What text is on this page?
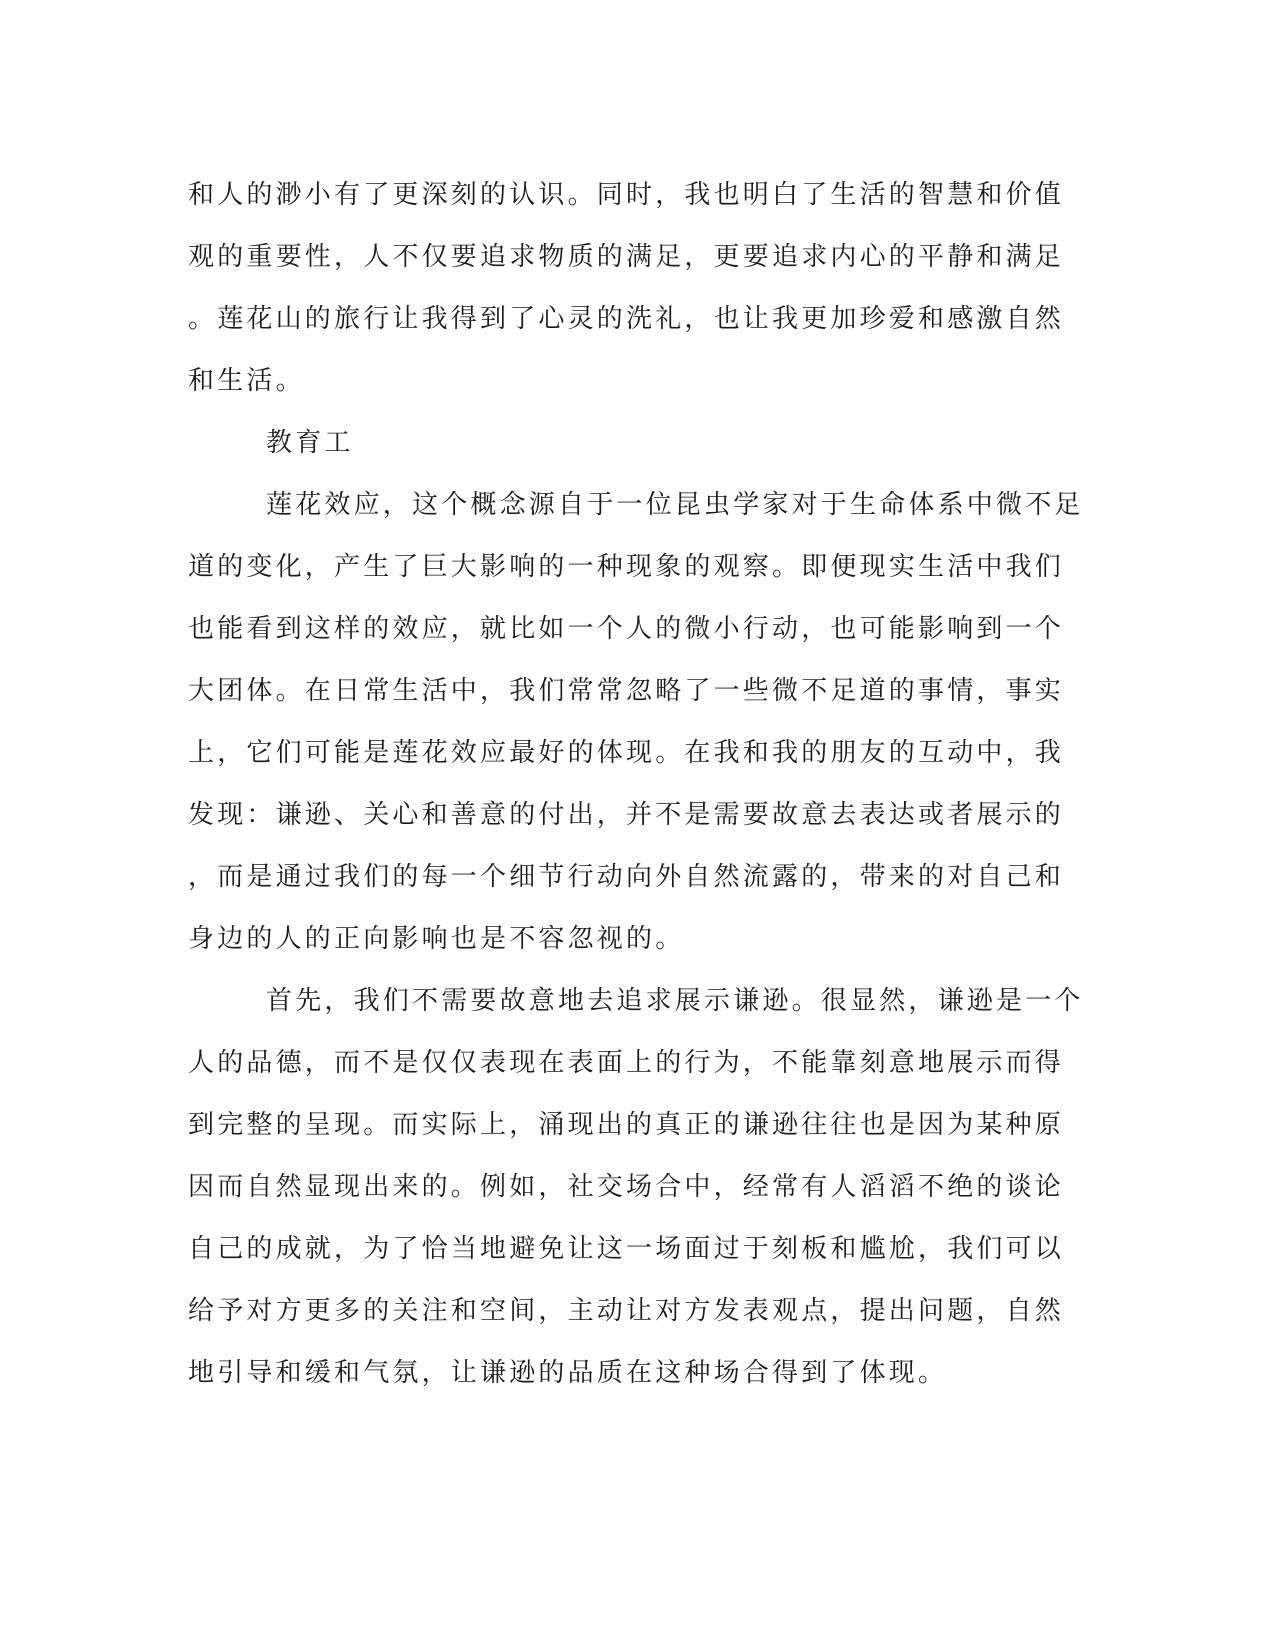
和人的渺小有了更深刻的认识。同时，我也明白了生活的智慧和价值
观的重要性，人不仅要追求物质的满足，更要追求内心的平静和满足
。莲花山的旅行让我得到了心灵的洗礼，也让我更加珍爱和感激自然
和生活。
教育工
莲花效应，这个概念源自于一位昆虫学家对于生命体系中微不足
道的变化，产生了巨大影响的一种现象的观察。即便现实生活中我们
也能看到这样的效应，就比如一个人的微小行动，也可能影响到一个
大团体。在日常生活中，我们常常忽略了一些微不足道的事情，事实
上，它们可能是莲花效应最好的体现。在我和我的朋友的互动中，我
发现：谦逊、关心和善意的付出，并不是需要故意去表达或者展示的
，而是通过我们的每一个细节行动向外自然流露的，带来的对自己和
身边的人的正向影响也是不容忽视的。
首先，我们不需要故意地去追求展示谦逊。很显然，谦逊是一个
人的品德，而不是仅仅表现在表面上的行为，不能靠刻意地展示而得
到完整的呈现。而实际上，涌现出的真正的谦逊往往也是因为某种原
因而自然显现出来的。例如，社交场合中，经常有人滔滔不绝的谈论
自己的成就，为了恰当地避免让这一场面过于刻板和尴尬，我们可以
给予对方更多的关注和空间，主动让对方发表观点，提出问题，自然
地引导和缓和气氛，让谦逊的品质在这种场合得到了体现。
